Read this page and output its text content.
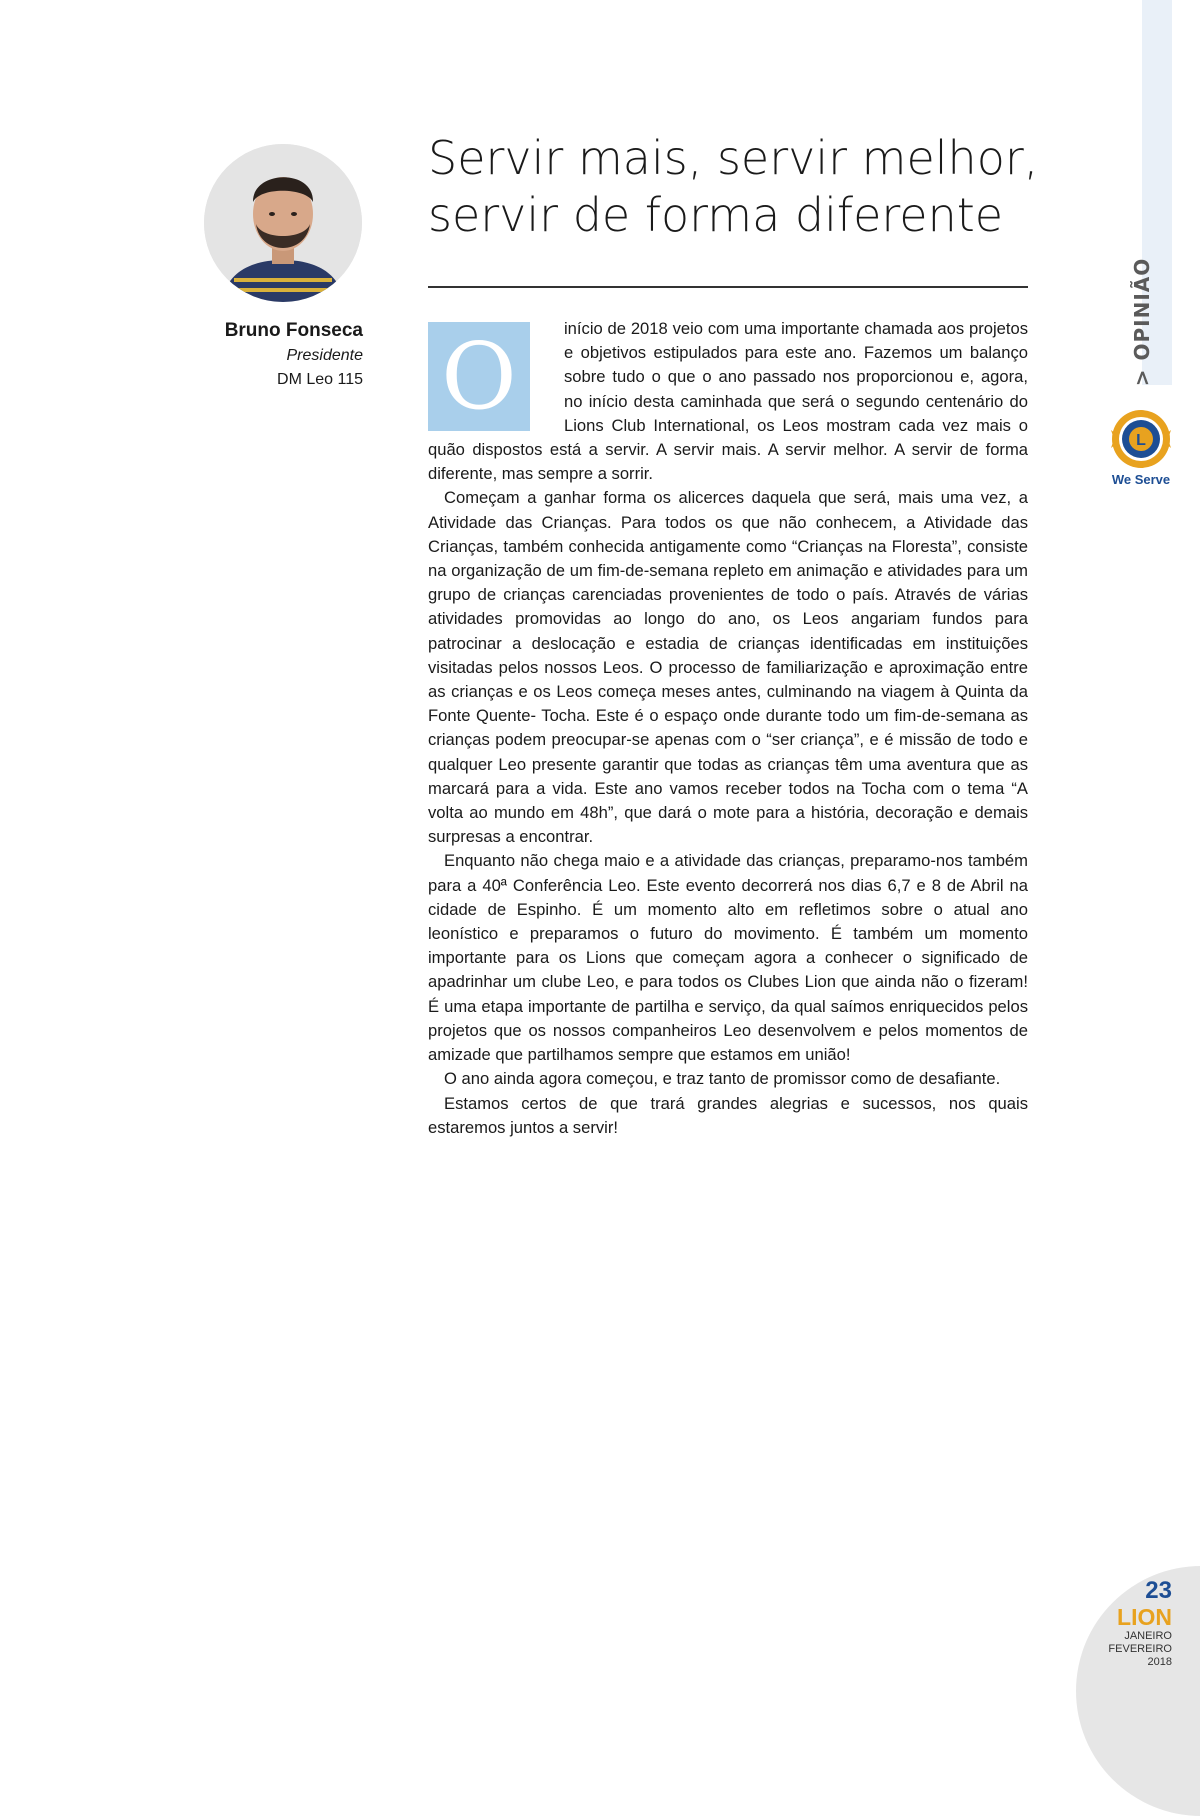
> OPINIÃO
L
We Serve
Bruno Fonseca
Presidente
DM Leo 115
Servir mais, servir melhor,
servir de forma diferente
O	início de 2018 veio com uma importante chamada aos projetos e objetivos estipulados para este ano. Fazemos um balanço sobre tudo o que o ano passado nos proporcionou e, agora, no início desta caminhada que será o segundo centenário do Lions Club International, os Leos mostram cada vez mais o quão dispostos está a servir. A servir mais. A servir melhor. A servir de forma diferente, mas sempre a sorrir.

Começam a ganhar forma os alicerces daquela que será, mais uma vez, a Atividade das Crianças. Para todos os que não conhecem, a Atividade das Crianças, também conhecida antigamente como “Crianças na Floresta”, consiste na organização de um fim-de-semana repleto em animação e atividades para um grupo de crianças carenciadas provenientes de todo o país. Através de várias atividades promovidas ao longo do ano, os Leos angariam fundos para patrocinar a deslocação e estadia de crianças identificadas em instituições visitadas pelos nossos Leos. O processo de familiarização e aproximação entre as crianças e os Leos começa meses antes, culminando na viagem à Quinta da Fonte Quente- Tocha. Este é o espaço onde durante todo um fim-de-semana as crianças podem preocupar-se apenas com o “ser criança”, e é missão de todo e qualquer Leo presente garantir que todas as crianças têm uma aventura que as marcará para a vida. Este ano vamos receber todos na Tocha com o tema “A volta ao mundo em 48h”, que dará o mote para a história, decoração e demais surpresas a encontrar.

Enquanto não chega maio e a atividade das crianças, preparamo-nos também para a 40ª Conferência Leo. Este evento decorrerá nos dias 6,7 e 8 de Abril na cidade de Espinho. É um momento alto em refletimos sobre o atual ano leonístico e preparamos o futuro do movimento. É também um momento importante para os Lions que começam agora a conhecer o significado de apadrinhar um clube Leo, e para todos os Clubes Lion que ainda não o fizeram! É uma etapa importante de partilha e serviço, da qual saímos enriquecidos pelos projetos que os nossos companheiros Leo desenvolvem e pelos momentos de amizade que partilhamos sempre que estamos em união!

O ano ainda agora começou, e traz tanto de promissor como de desafiante.

Estamos certos de que trará grandes alegrias e sucessos, nos quais estaremos juntos a servir!

23
LION
JANEIRO
FEVEREIRO
2018
